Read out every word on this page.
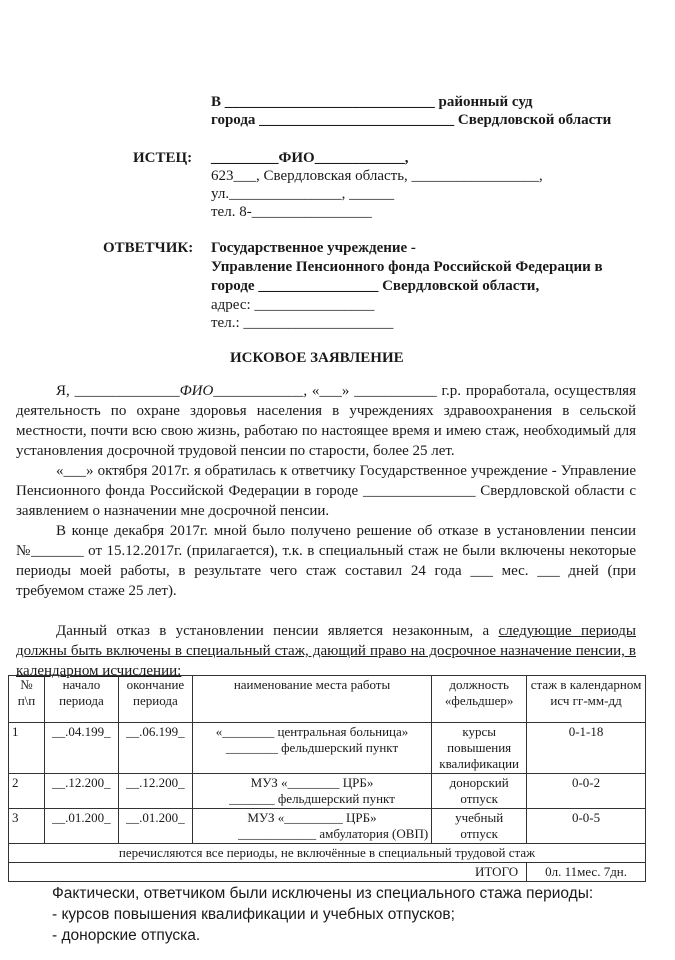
В ____________________________ районный суд
города __________________________ Свердловской области
ИСТЕЦ: _________ФИО____________,
623___, Свердловская область, _________________,
ул._______________, ______
тел. 8-________________
ОТВЕТЧИК: Государственное учреждение -
Управление Пенсионного фонда Российской Федерации в
городе ________________ Свердловской области,
адрес: ________________
тел.: ____________________
ИСКОВОЕ ЗАЯВЛЕНИЕ

Я, ______________ФИО____________, «___» ___________ г.р. проработала, осуществляя деятельность по охране здоровья населения в учреждениях здравоохранения в сельской местности, почти всю свою жизнь, работаю по настоящее время и имею стаж, необходимый для установления досрочной трудовой пенсии по старости, более 25 лет.

«___» октября 2017г. я обратилась к ответчику Государственное учреждение - Управление Пенсионного фонда Российской Федерации в городе _______________ Свердловской области с заявлением о назначении мне досрочной пенсии.

В конце декабря 2017г. мной было получено решение об отказе в установлении пенсии №_______ от 15.12.2017г. (прилагается), т.к. в специальный стаж не были включены некоторые периоды моей работы, в результате чего стаж составил 24 года ___ мес. ___ дней (при требуемом стаже 25 лет).

Данный отказ в установлении пенсии является незаконным, а следующие периоды должны быть включены в специальный стаж, дающий право на досрочное назначение пенсии, в календарном исчислении:

№ п\п	начало периода	окончание периода	наименование места работы	должность «фельдшер»	стаж в календарном исч гг-мм-дд
1	__.04.199_	__.06.199_	«________ центральная больница»
________ фельдшерский пункт	курсы повышения квалификации	0-1-18
2	__.12.200_	__.12.200_	МУЗ «________ ЦРБ»
_______ фельдшерский пункт	донорский отпуск	0-0-2
3	__.01.200_	__.01.200_	МУЗ «_________ ЦРБ»
____________ амбулатория (ОВП)	учебный отпуск	0-0-5
перечисляются все периоды, не включённые в специальный трудовой стаж					
ИТОГО					0л. 11мес. 7дн.
Фактически, ответчиком были исключены из специального стажа периоды:
- курсов повышения квалификации и учебных отпусков;
- донорские отпуска.
